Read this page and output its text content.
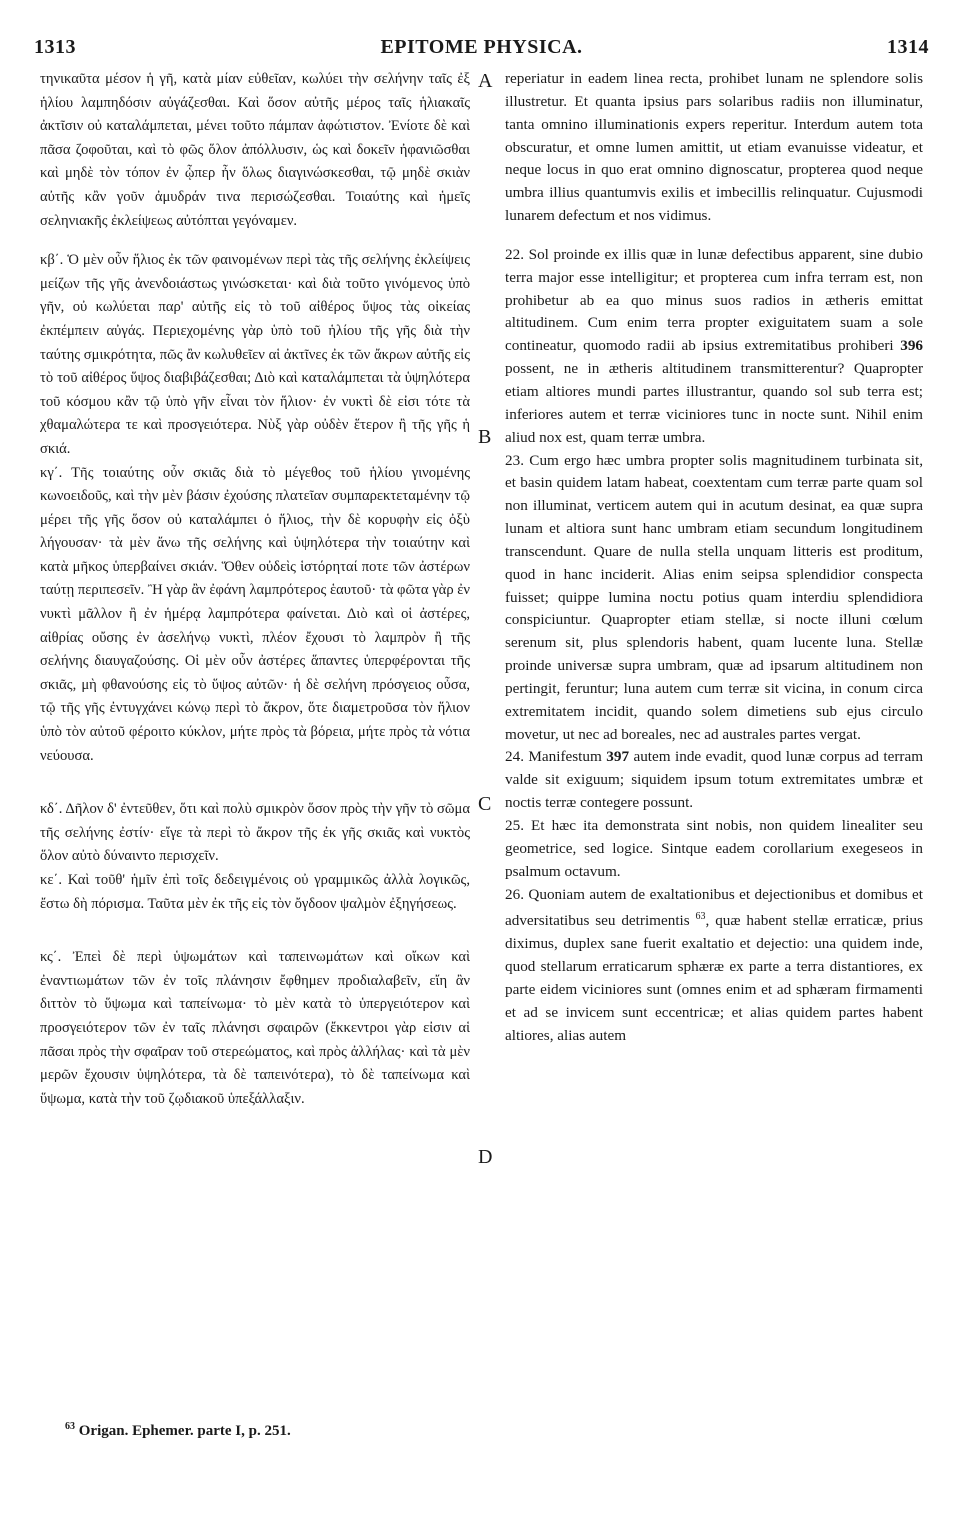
1313	EPITOME PHYSICA.	1314

τηνικαῦτα μέσον ἡ γῆ, κατὰ μίαν εὐθεῖαν, κωλύει τὴν σελήνην ταῖς ἐξ ἡλίου λαμπηδόσιν αὐγάζεσθαι. Καὶ ὅσον αὐτῆς μέρος ταῖς ἡλιακαῖς ἀκτῖσιν οὐ καταλάμπεται, μένει τοῦτο πάμπαν ἀφώτιστον. Ἐνίοτε δὲ καὶ πᾶσα ζοφοῦται, καὶ τὸ φῶς ὅλον ἀπόλλυσιν, ὡς καὶ δοκεῖν ἠφανιῶσθαι καὶ μηδὲ τὸν τόπον ἐν ᾧπερ ἦν ὅλως διαγινώσκεσθαι, τῷ μηδὲ σκιὰν αὐτῆς κἂν γοῦν ἀμυδράν τινα περισώζεσθαι. Τοιαύτης καὶ ἡμεῖς σεληνιακῆς ἐκλείψεως αὐτόπται γεγόναμεν.

κβ΄. Ὁ μὲν οὖν ἥλιος ἐκ τῶν φαινομένων περὶ τὰς τῆς σελήνης ἐκλείψεις μείζων τῆς γῆς ἀνενδοιάστως γινώσκεται· καὶ διὰ τοῦτο γινόμενος ὑπὸ γῆν, οὐ κωλύεται παρ' αὐτῆς εἰς τὸ τοῦ αἰθέρος ὕψος τὰς οἰκείας ἐκπέμπειν αὐγάς. Περιεχομένης γὰρ ὑπὸ τοῦ ἡλίου τῆς γῆς διὰ τὴν ταύτης σμικρότητα, πῶς ἂν κωλυθεῖεν αἱ ἀκτῖνες ἐκ τῶν ἄκρων αὐτῆς εἰς τὸ τοῦ αἰθέρος ὕψος διαβιβάζεσθαι; Διὸ καὶ καταλάμπεται τὰ ὑψηλότερα τοῦ κόσμου κἂν τῷ ὑπὸ γῆν εἶναι τὸν ἥλιον· ἐν νυκτὶ δὲ εἰσι τότε τὰ χθαμαλώτερα τε καὶ προσγειότερα. Νὺξ γὰρ οὐδὲν ἕτερον ἢ τῆς γῆς ἡ σκιά.

κγ΄. Τῆς τοιαύτης οὖν σκιᾶς διὰ τὸ μέγεθος τοῦ ἡλίου γινομένης κωνοειδοῦς, καὶ τὴν μὲν βάσιν ἐχούσης πλατεῖαν συμπαρεκτεταμένην τῷ μέρει τῆς γῆς ὅσον οὐ καταλάμπει ὁ ἥλιος, τὴν δὲ κορυφὴν εἰς ὀξὺ λήγουσαν· τὰ μὲν ἄνω τῆς σελήνης καὶ ὑψηλότερα τὴν τοιαύτην καὶ κατὰ μῆκος ὑπερβαίνει σκιάν. Ὅθεν οὐδεὶς ἱστόρηταί ποτε τῶν ἀστέρων ταύτῃ περιπεσεῖν. Ἢ γὰρ ἂν ἐφάνη λαμπρότερος ἑαυτοῦ· τὰ φῶτα γὰρ ἐν νυκτὶ μᾶλλον ἢ ἐν ἡμέρᾳ λαμπρότερα φαίνεται. Διὸ καὶ οἱ ἀστέρες, αἰθρίας οὔσης ἐν ἀσελήνῳ νυκτὶ, πλέον ἔχουσι τὸ λαμπρὸν ἢ τῆς σελήνης διαυγαζούσης. Οἱ μὲν οὖν ἀστέρες ἅπαντες ὑπερφέρονται τῆς σκιᾶς, μὴ φθανούσης εἰς τὸ ὕψος αὐτῶν· ἡ δὲ σελήνη πρόσγειος οὖσα, τῷ τῆς γῆς ἐντυγχάνει κώνῳ περὶ τὸ ἄκρον, ὅτε διαμετροῦσα τὸν ἥλιον ὑπὸ τὸν αὐτοῦ φέροιτο κύκλον, μήτε πρὸς τὰ βόρεια, μήτε πρὸς τὰ νότια νεύουσα.

κδ΄. Δῆλον δ' ἐντεῦθεν, ὅτι καὶ πολὺ σμικρὸν ὅσον πρὸς τὴν γῆν τὸ σῶμα τῆς σελήνης ἐστίν· εἴγε τὰ περὶ τὸ ἄκρον τῆς ἐκ γῆς σκιᾶς καὶ νυκτὸς ὅλον αὐτὸ δύναιντο περισχεῖν.

κε΄. Καὶ τοῦθ' ἡμῖν ἐπὶ τοῖς δεδειγμένοις οὐ γραμμικῶς ἀλλὰ λογικῶς, ἔστω δὴ πόρισμα. Ταῦτα μὲν ἐκ τῆς εἰς τὸν ὄγδοον ψαλμὸν ἐξηγήσεως.

κς΄. Ἐπεὶ δὲ περὶ ὑψωμάτων καὶ ταπεινωμάτων καὶ οἴκων καὶ ἐναντιωμάτων τῶν ἐν τοῖς πλάνησιν ἔφθημεν προδιαλαβεῖν, εἴη ἂν διττὸν τὸ ὕψωμα καὶ ταπείνωμα· τὸ μὲν κατὰ τὸ ὑπεργειότερον καὶ προσγειότερον τῶν ἐν ταῖς πλάνησι σφαιρῶν (ἔκκεντροι γὰρ εἰσιν αἱ πᾶσαι πρὸς τὴν σφαῖραν τοῦ στερεώματος, καὶ πρὸς ἀλλήλας· καὶ τὰ μὲν μερῶν ἔχουσιν ὑψηλότερα, τὰ δὲ ταπεινότερα), τὸ δὲ ταπείνωμα καὶ ὕψωμα, κατὰ τὴν τοῦ ζῳδιακοῦ ὑπεξάλλαξιν.

A
B
C
D

reperiatur in eadem linea recta, prohibet lunam ne splendore solis illustretur. Et quanta ipsius pars solaribus radiis non illuminatur, tanta omnino illuminationis expers reperitur. Interdum autem tota obscuratur, et omne lumen amittit, ut etiam evanuisse videatur, et neque locus in quo erat omnino dignoscatur, propterea quod neque umbra illius quantumvis exilis et imbecillis relinquatur. Cujusmodi lunarem defectum et nos vidimus.

22. Sol proinde ex illis quæ in lunæ defectibus apparent, sine dubio terra major esse intelligitur; et propterea cum infra terram est, non prohibetur ab ea quo minus suos radios in ætheris emittat altitudinem. Cum enim terra propter exiguitatem suam a sole contineatur, quomodo radii ab ipsius extremitatibus prohiberi 396 possent, ne in ætheris altitudinem transmitterentur? Quapropter etiam altiores mundi partes illustrantur, quando sol sub terra est; inferiores autem et terræ viciniores tunc in nocte sunt. Nihil enim aliud nox est, quam terræ umbra.

23. Cum ergo hæc umbra propter solis magnitudinem turbinata sit, et basin quidem latam habeat, coextentam cum terræ parte quam sol non illuminat, verticem autem qui in acutum desinat, ea quæ supra lunam et altiora sunt hanc umbram etiam secundum longitudinem transcendunt. Quare de nulla stella unquam litteris est proditum, quod in hanc inciderit. Alias enim seipsa splendidior conspecta fuisset; quippe lumina noctu potius quam interdiu splendidiora conspiciuntur. Quapropter etiam stellæ, si nocte illuni cœlum serenum sit, plus splendoris habent, quam lucente luna. Stellæ proinde universæ supra umbram, quæ ad ipsarum altitudinem non pertingit, feruntur; luna autem cum terræ sit vicina, in conum circa extremitatem incidit, quando solem dimetiens sub ejus circulo movetur, ut nec ad boreales, nec ad australes partes vergat.

24. Manifestum 397 autem inde evadit, quod lunæ corpus ad terram valde sit exiguum; siquidem ipsum totum extremitates umbræ et noctis terræ contegere possunt.

25. Et hæc ita demonstrata sint nobis, non quidem linealiter seu geometrice, sed logice. Sintque eadem corollarium exegeseos in psalmum octavum.

26. Quoniam autem de exaltationibus et dejectionibus et domibus et adversitatibus seu detrimentis $^{63}$, quæ habent stellæ erraticæ, prius diximus, duplex sane fuerit exaltatio et dejectio: una quidem inde, quod stellarum erraticarum sphæræ ex parte a terra distantiores, ex parte eidem viciniores sunt (omnes enim et ad sphæram firmamenti et ad se invicem sunt eccentricæ; et alias quidem partes habent altiores, alias autem

$^{63}$ Origan. Ephemer. parte I, p. 251.
